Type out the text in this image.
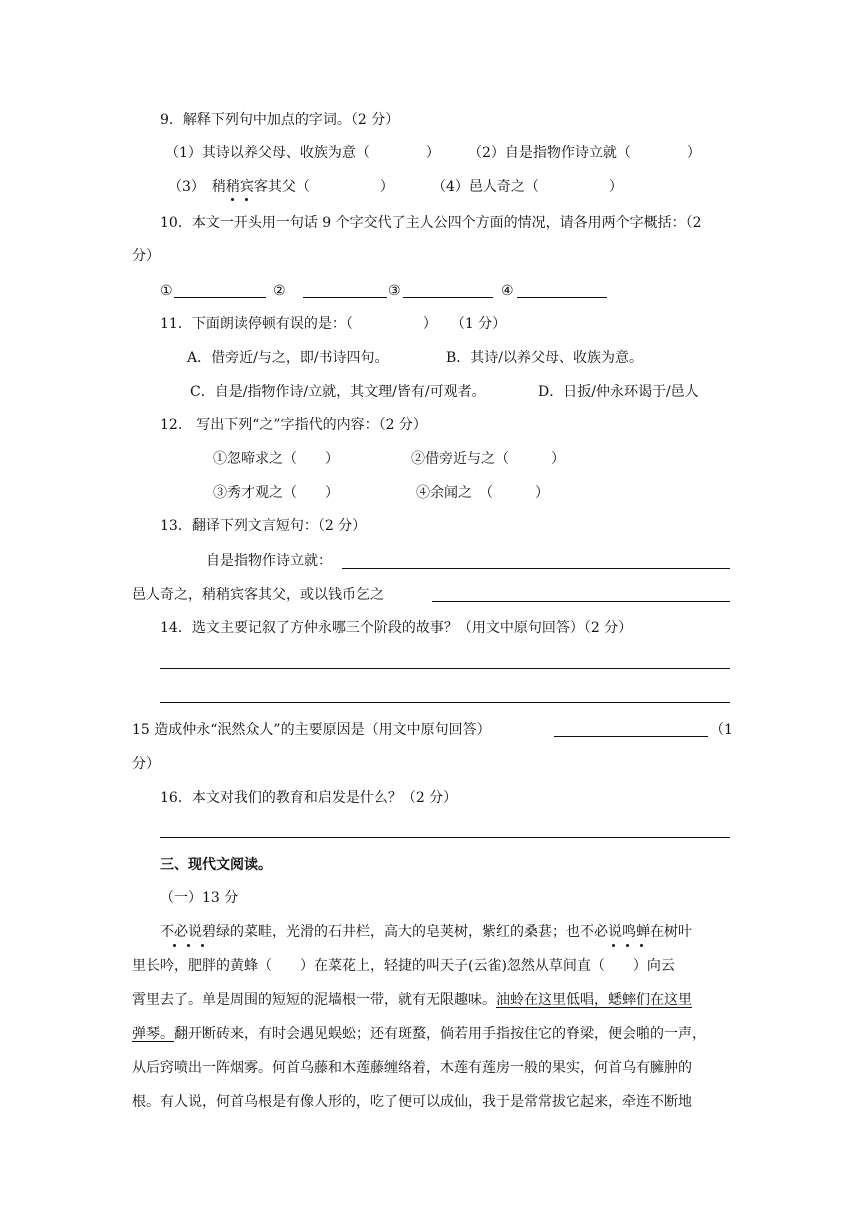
9．解释下列句中加点的字词。（2 分）
（1）其诗以养父母、收族为意（　　　　） （2）自是指物作诗立就（　　　　）
（3）　稍稍宾客其父（　　　　　）	（4）邑人奇之（　　　　　）
10．本文一开头用一句话 9 个字交代了主人公四个方面的情况，请各用两个字概括：（2
分）
①	②	③	④
11．下面朗读停顿有误的是：（　　　　　）　　（1 分）
A．借旁近/与之，即/书诗四句。	B．其诗/以养父母、收族为意。
C．自是/指物作诗/立就，其文理/皆有/可观者。	D．日扳/仲永环谒于/邑人
12.　写出下列“之”字指代的内容：（2 分）
①忽啼求之（　　）	②借旁近与之（　　　）
③秀才观之（　　）	④余闻之　（　　　）
13．翻译下列文言短句：（2 分）
自是指物作诗立就：
邑人奇之，稍稍宾客其父，或以钱币乞之
14．选文主要记叙了方仲永哪三个阶段的故事？（用文中原句回答）（2 分）
15 造成仲永“泯然众人”的主要原因是（用文中原句回答）	（1
分）
16．本文对我们的教育和启发是什么？（2 分）
三、现代文阅读。
（一）13 分
不必说碧绿的菜畦，光滑的石井栏，高大的皂荚树，紫红的桑葚；也不必说鸣蝉在树叶
里长吟，肥胖的黄蜂（　　）在菜花上，轻捷的叫天子(云雀)忽然从草间直（　　）向云
霄里去了。单是周围的短短的泥墙根一带，就有无限趣味。油蛉在这里低唱，蟋蟀们在这里
弹琴。翻开断砖来，有时会遇见蜈蚣；还有斑蝥，倘若用手指按住它的脊梁，便会啪的一声，
从后窍喷出一阵烟雾。何首乌藤和木莲藤缠络着，木莲有莲房一般的果实，何首乌有臃肿的
根。有人说，何首乌根是有像人形的，吃了便可以成仙，我于是常常拔它起来，牵连不断地
